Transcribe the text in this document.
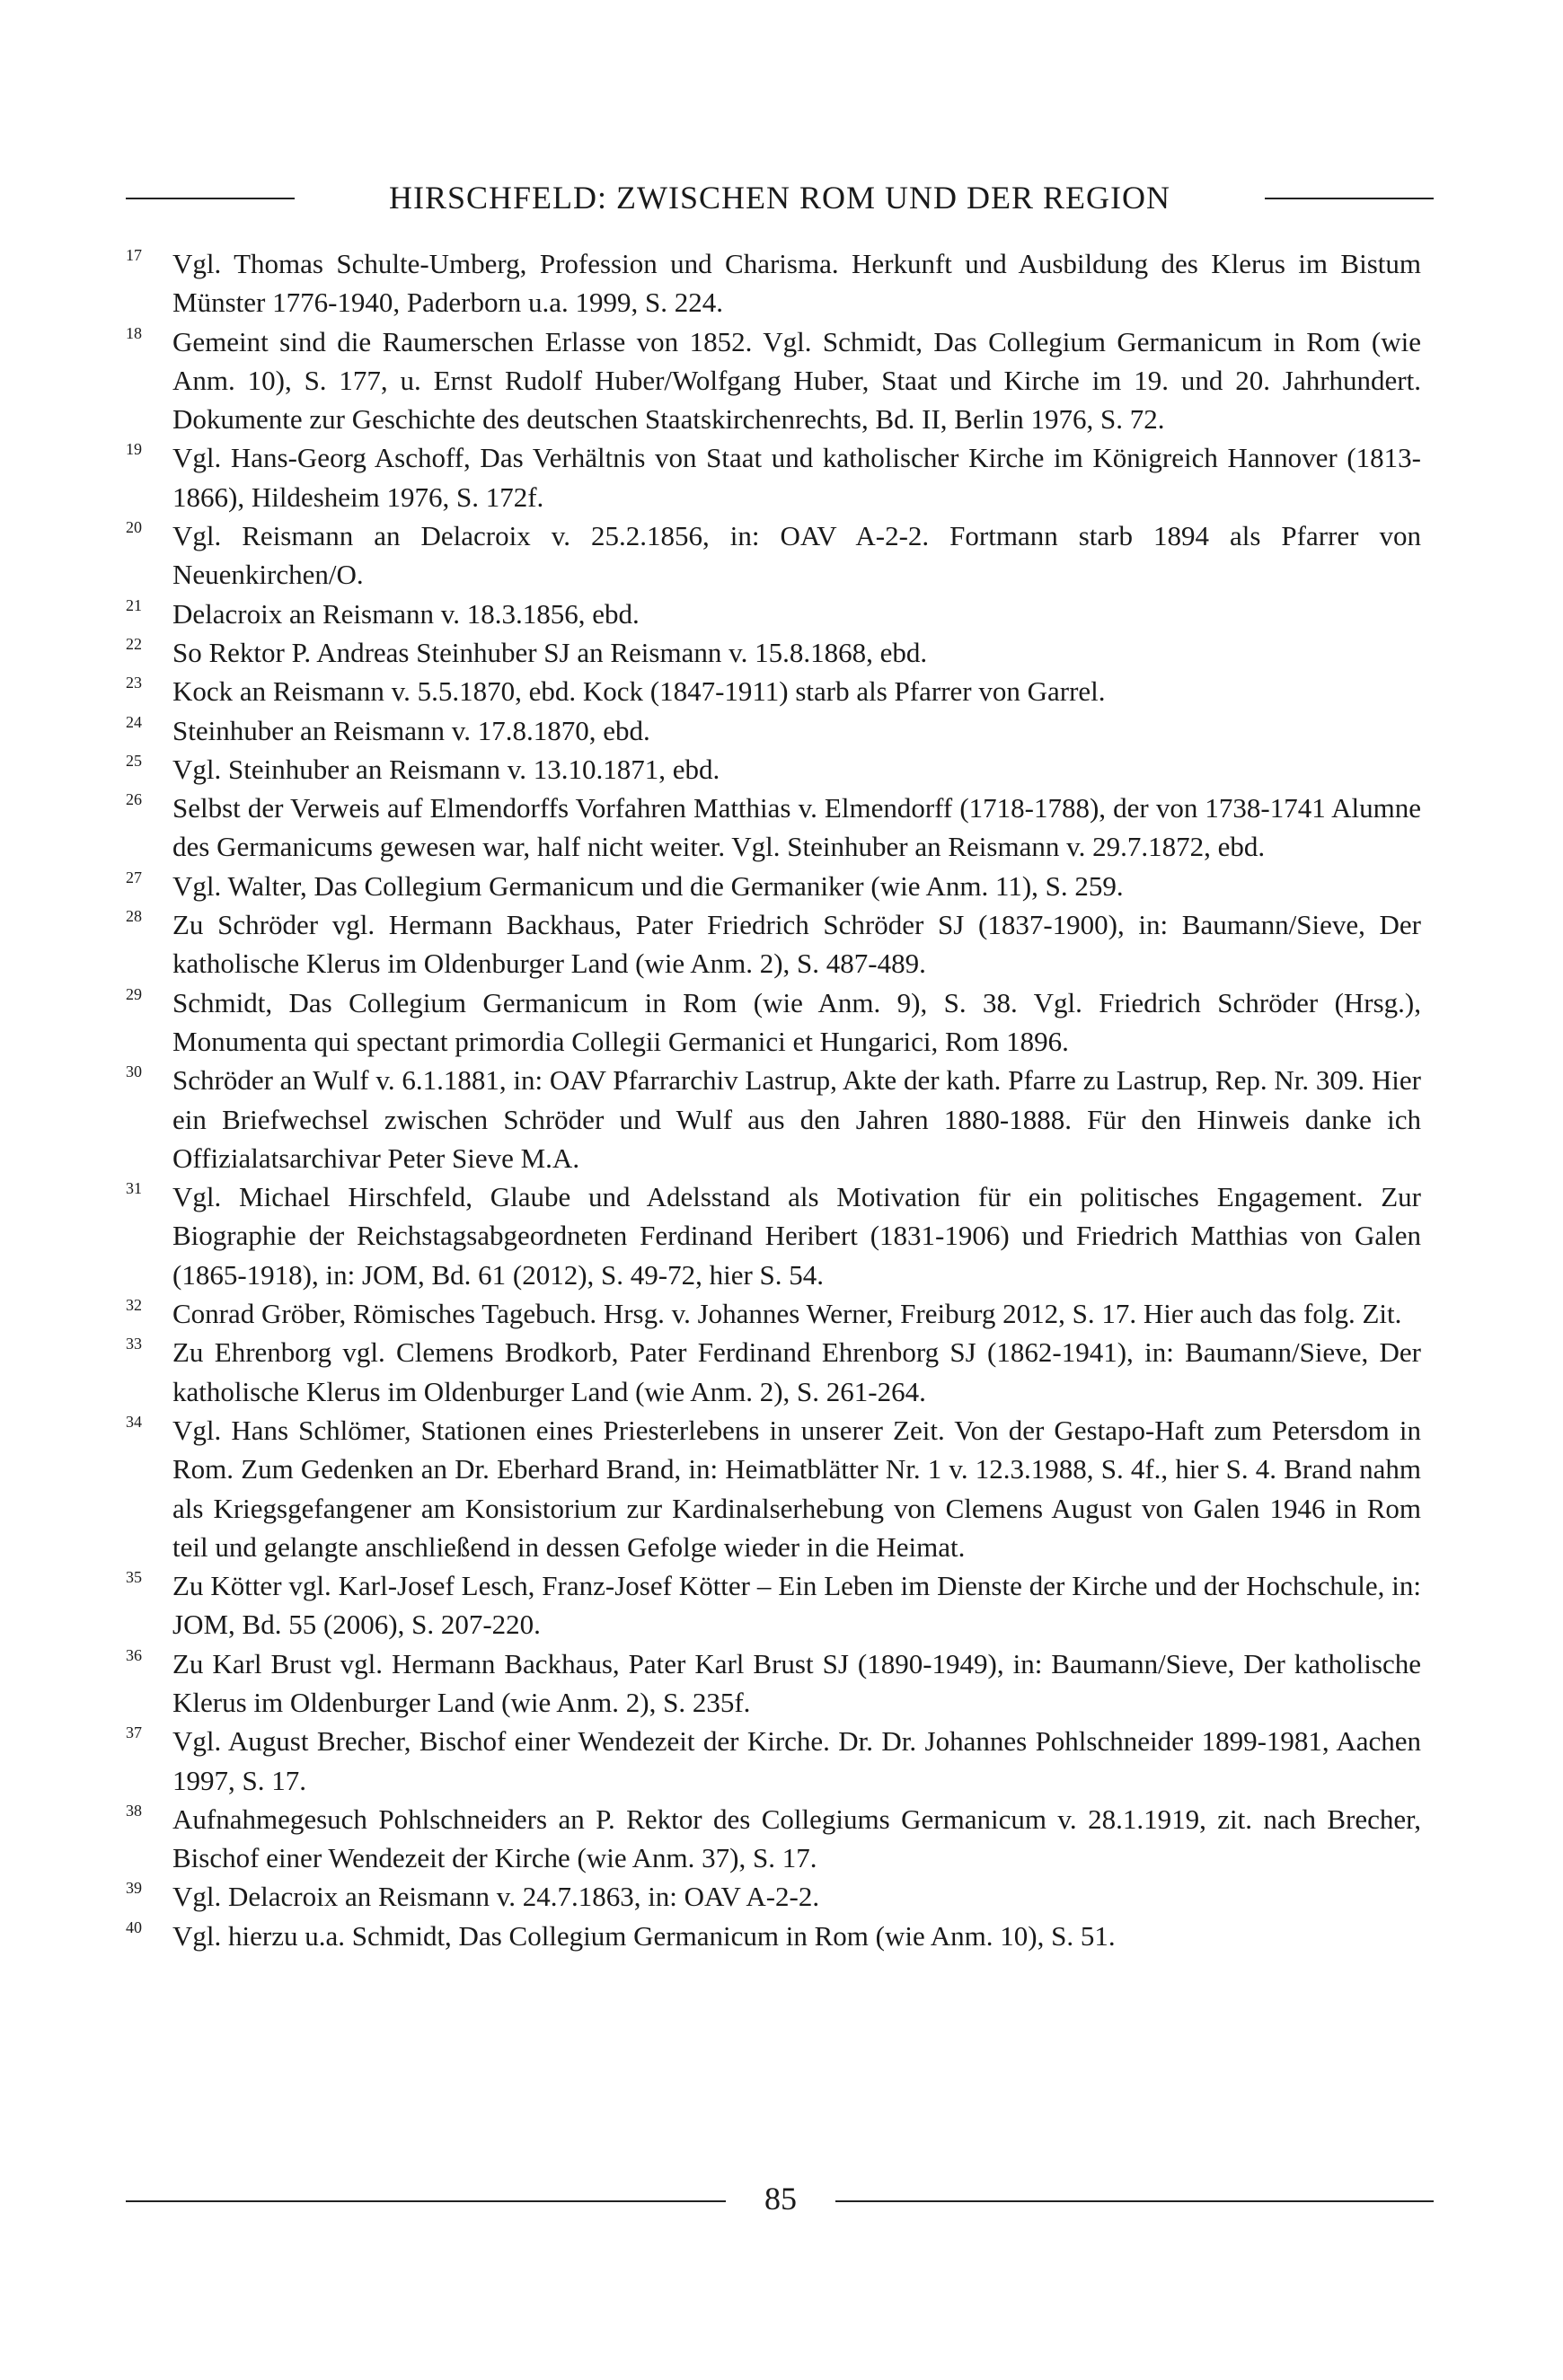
HIRSCHFELD: ZWISCHEN ROM UND DER REGION
17 Vgl. Thomas Schulte-Umberg, Profession und Charisma. Herkunft und Ausbildung des Klerus im Bistum Münster 1776-1940, Paderborn u.a. 1999, S. 224.
18 Gemeint sind die Raumerschen Erlasse von 1852. Vgl. Schmidt, Das Collegium Germanicum in Rom (wie Anm. 10), S. 177, u. Ernst Rudolf Huber/Wolfgang Huber, Staat und Kirche im 19. und 20. Jahrhundert. Dokumente zur Geschichte des deutschen Staatskirchenrechts, Bd. II, Berlin 1976, S. 72.
19 Vgl. Hans-Georg Aschoff, Das Verhältnis von Staat und katholischer Kirche im Königreich Hannover (1813-1866), Hildesheim 1976, S. 172f.
20 Vgl. Reismann an Delacroix v. 25.2.1856, in: OAV A-2-2. Fortmann starb 1894 als Pfarrer von Neuenkirchen/O.
21 Delacroix an Reismann v. 18.3.1856, ebd.
22 So Rektor P. Andreas Steinhuber SJ an Reismann v. 15.8.1868, ebd.
23 Kock an Reismann v. 5.5.1870, ebd. Kock (1847-1911) starb als Pfarrer von Garrel.
24 Steinhuber an Reismann v. 17.8.1870, ebd.
25 Vgl. Steinhuber an Reismann v. 13.10.1871, ebd.
26 Selbst der Verweis auf Elmendorffs Vorfahren Matthias v. Elmendorff (1718-1788), der von 1738-1741 Alumne des Germanicums gewesen war, half nicht weiter. Vgl. Steinhuber an Reismann v. 29.7.1872, ebd.
27 Vgl. Walter, Das Collegium Germanicum und die Germaniker (wie Anm. 11), S. 259.
28 Zu Schröder vgl. Hermann Backhaus, Pater Friedrich Schröder SJ (1837-1900), in: Baumann/Sieve, Der katholische Klerus im Oldenburger Land (wie Anm. 2), S. 487-489.
29 Schmidt, Das Collegium Germanicum in Rom (wie Anm. 9), S. 38. Vgl. Friedrich Schröder (Hrsg.), Monumenta qui spectant primordia Collegii Germanici et Hungarici, Rom 1896.
30 Schröder an Wulf v. 6.1.1881, in: OAV Pfarrarchiv Lastrup, Akte der kath. Pfarre zu Lastrup, Rep. Nr. 309. Hier ein Briefwechsel zwischen Schröder und Wulf aus den Jahren 1880-1888. Für den Hinweis danke ich Offizialatsarchivar Peter Sieve M.A.
31 Vgl. Michael Hirschfeld, Glaube und Adelsstand als Motivation für ein politisches Engagement. Zur Biographie der Reichstagsabgeordneten Ferdinand Heribert (1831-1906) und Friedrich Matthias von Galen (1865-1918), in: JOM, Bd. 61 (2012), S. 49-72, hier S. 54.
32 Conrad Gröber, Römisches Tagebuch. Hrsg. v. Johannes Werner, Freiburg 2012, S. 17. Hier auch das folg. Zit.
33 Zu Ehrenborg vgl. Clemens Brodkorb, Pater Ferdinand Ehrenborg SJ (1862-1941), in: Baumann/Sieve, Der katholische Klerus im Oldenburger Land (wie Anm. 2), S. 261-264.
34 Vgl. Hans Schlömer, Stationen eines Priesterlebens in unserer Zeit. Von der Gestapo-Haft zum Petersdom in Rom. Zum Gedenken an Dr. Eberhard Brand, in: Heimatblätter Nr. 1 v. 12.3.1988, S. 4f., hier S. 4. Brand nahm als Kriegsgefangener am Konsistorium zur Kardinalserhebung von Clemens August von Galen 1946 in Rom teil und gelangte anschließend in dessen Gefolge wieder in die Heimat.
35 Zu Kötter vgl. Karl-Josef Lesch, Franz-Josef Kötter – Ein Leben im Dienste der Kirche und der Hochschule, in: JOM, Bd. 55 (2006), S. 207-220.
36 Zu Karl Brust vgl. Hermann Backhaus, Pater Karl Brust SJ (1890-1949), in: Baumann/Sieve, Der katholische Klerus im Oldenburger Land (wie Anm. 2), S. 235f.
37 Vgl. August Brecher, Bischof einer Wendezeit der Kirche. Dr. Dr. Johannes Pohlschneider 1899-1981, Aachen 1997, S. 17.
38 Aufnahmegesuch Pohlschneiders an P. Rektor des Collegiums Germanicum v. 28.1.1919, zit. nach Brecher, Bischof einer Wendezeit der Kirche (wie Anm. 37), S. 17.
39 Vgl. Delacroix an Reismann v. 24.7.1863, in: OAV A-2-2.
40 Vgl. hierzu u.a. Schmidt, Das Collegium Germanicum in Rom (wie Anm. 10), S. 51.
85
